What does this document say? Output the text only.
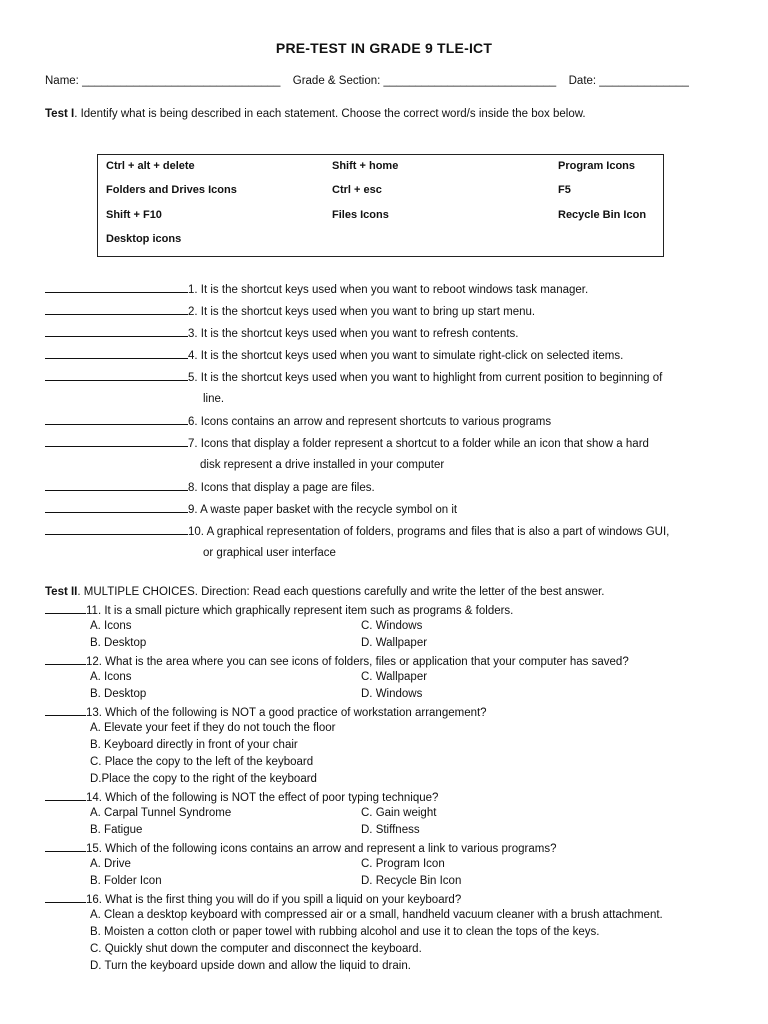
PRE-TEST IN GRADE 9 TLE-ICT
Name: _______________________________ Grade & Section: ___________________________ Date: ______________
Test I. Identify what is being described in each statement. Choose the correct word/s inside the box below.
Ctrl + alt + delete	Shift + home	Program Icons
Folders and Drives Icons	Ctrl + esc	F5
Shift + F10	Files Icons	Recycle Bin Icon
Desktop icons
1. It is the shortcut keys used when you want to reboot windows task manager.
2. It is the shortcut keys used when you want to bring up start menu.
3. It is the shortcut keys used when you want to refresh contents.
4. It is the shortcut keys used when you want to simulate right-click on selected items.
5. It is the shortcut keys used when you want to highlight from current position to beginning of
line.
6. Icons contains an arrow and represent shortcuts to various programs
7. Icons that display a folder represent a shortcut to a folder while an icon that show a hard
disk represent a drive installed in your computer
8. Icons that display a page are files.
9. A waste paper basket with the recycle symbol on it
10. A graphical representation of folders, programs and files that is also a part of windows GUI,
or graphical user interface
Test II. MULTIPLE CHOICES. Direction: Read each questions carefully and write the letter of the best answer.
11. It is a small picture which graphically represent item such as programs & folders.
A. Icons	C. Windows
B. Desktop	D. Wallpaper
12. What is the area where you can see icons of folders, files or application that your computer has saved?
A. Icons	C. Wallpaper
B. Desktop	D. Windows
13. Which of the following is NOT a good practice of workstation arrangement?
A. Elevate your feet if they do not touch the floor
B. Keyboard directly in front of your chair
C. Place the copy to the left of the keyboard
D.Place the copy to the right of the keyboard
14. Which of the following is NOT the effect of poor typing technique?
A. Carpal Tunnel Syndrome	C. Gain weight
B. Fatigue	D. Stiffness
15. Which of the following icons contains an arrow and represent a link to various programs?
A. Drive	C. Program Icon
B. Folder Icon	D. Recycle Bin Icon
16. What is the first thing you will do if you spill a liquid on your keyboard?
A. Clean a desktop keyboard with compressed air or a small, handheld vacuum cleaner with a brush attachment.
B. Moisten a cotton cloth or paper towel with rubbing alcohol and use it to clean the tops of the keys.
C. Quickly shut down the computer and disconnect the keyboard.
D. Turn the keyboard upside down and allow the liquid to drain.
